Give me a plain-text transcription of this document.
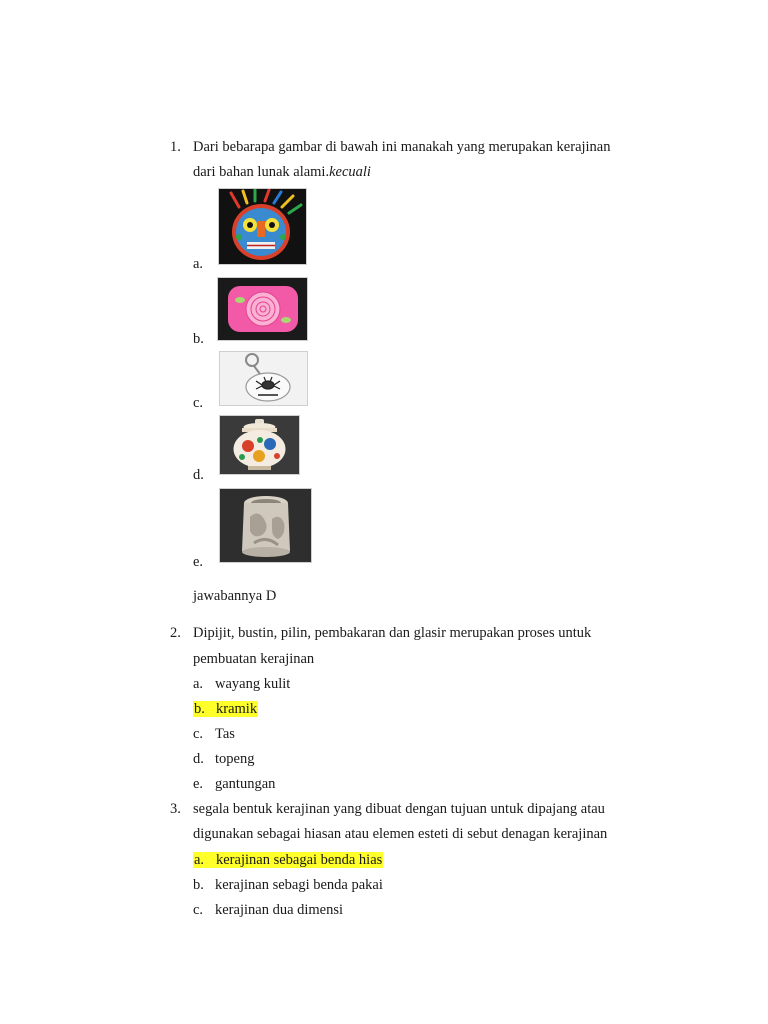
1. Dari bebarapa gambar di bawah ini manakah yang merupakan kerajinan
dari bahan lunak alami.kecuali
a.
b.
c.
d.
e.
jawabannya D
2. Dipijit, bustin, pilin, pembakaran dan glasir merupakan proses untuk
pembuatan kerajinan
a. wayang kulit
b. kramik
c. Tas
d. topeng
e. gantungan
3. segala bentuk kerajinan yang dibuat dengan tujuan untuk dipajang atau
digunakan sebagai hiasan atau elemen esteti di sebut denagan kerajinan
a. kerajinan sebagai benda hias
b. kerajinan sebagi benda pakai
c. kerajinan dua dimensi
